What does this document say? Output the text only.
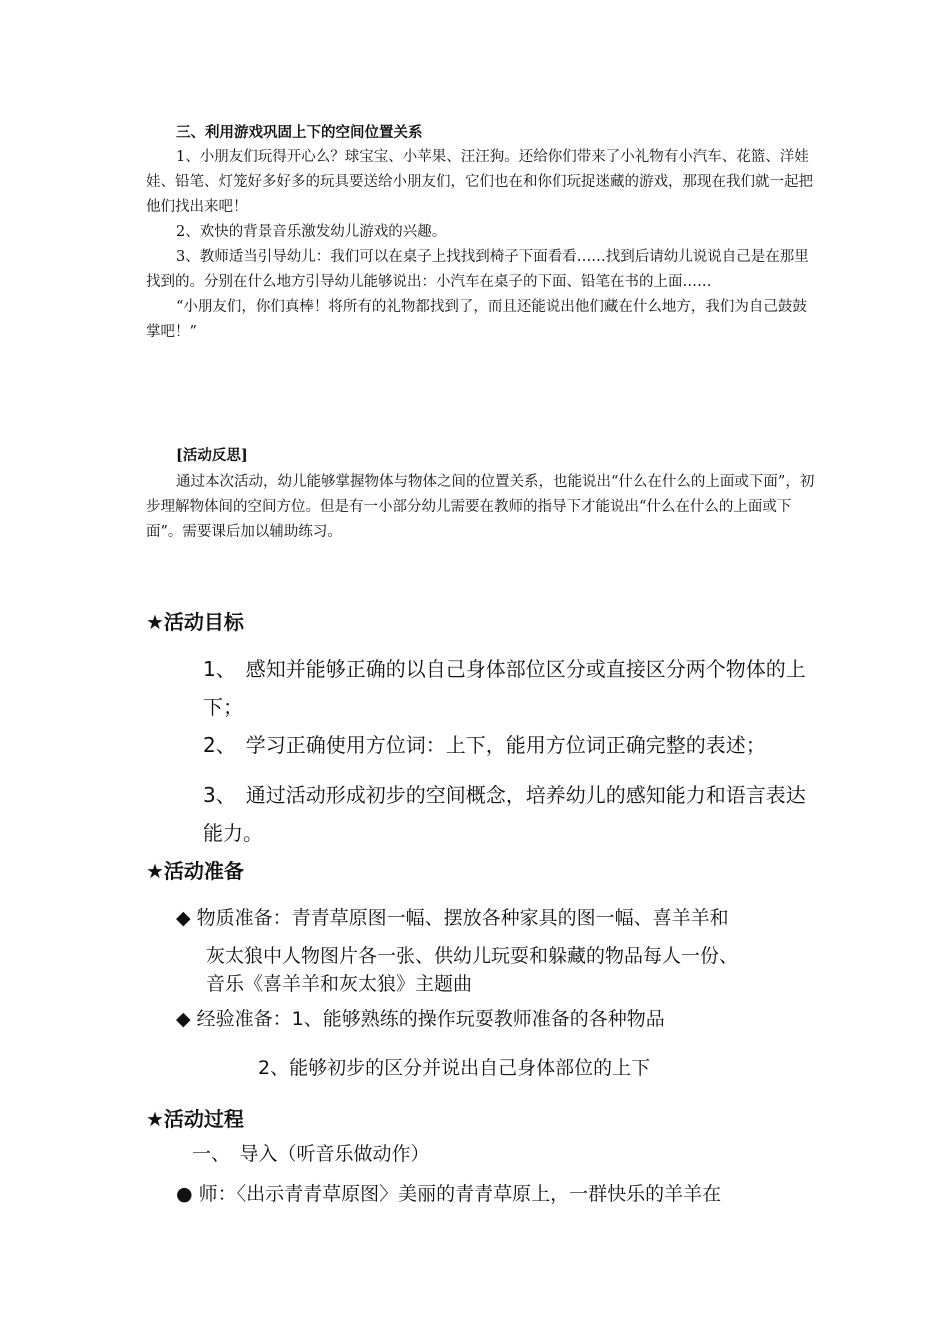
三、利用游戏巩固上下的空间位置关系

1、小朋友们玩得开心么？球宝宝、小苹果、汪汪狗。还给你们带来了小礼物有小汽车、花篮、洋娃娃、铅笔、灯笼好多好多的玩具要送给小朋友们，它们也在和你们玩捉迷藏的游戏，那现在我们就一起把他们找出来吧！

2、欢快的背景音乐激发幼儿游戏的兴趣。

3、教师适当引导幼儿：我们可以在桌子上找找到椅子下面看看……找到后请幼儿说说自己是在那里找到的。分别在什么地方引导幼儿能够说出：小汽车在桌子的下面、铅笔在书的上面……

“小朋友们，你们真棒！将所有的礼物都找到了，而且还能说出他们藏在什么地方，我们为自己鼓鼓掌吧！”

[活动反思]

通过本次活动，幼儿能够掌握物体与物体之间的位置关系，也能说出“什么在什么的上面或下面”，初步理解物体间的空间方位。但是有一小部分幼儿需要在教师的指导下才能说出“什么在什么的上面或下面”。需要课后加以辅助练习。

★活动目标
1、　感知并能够正确的以自己身体部位区分或直接区分两个物体的上下；
2、　学习正确使用方位词：上下，能用方位词正确完整的表述；
3、　通过活动形成初步的空间概念，培养幼儿的感知能力和语言表达能力。
★活动准备
◆ 物质准备：青青草原图一幅、摆放各种家具的图一幅、喜羊羊和
灰太狼中人物图片各一张、供幼儿玩耍和躲藏的物品每人一份、
音乐《喜羊羊和灰太狼》主题曲
◆ 经验准备：1、能够熟练的操作玩耍教师准备的各种物品
2、能够初步的区分并说出自己身体部位的上下
★活动过程
一、　导入（听音乐做动作）
● 师：〈出示青青草原图〉美丽的青青草原上，一群快乐的羊羊在
